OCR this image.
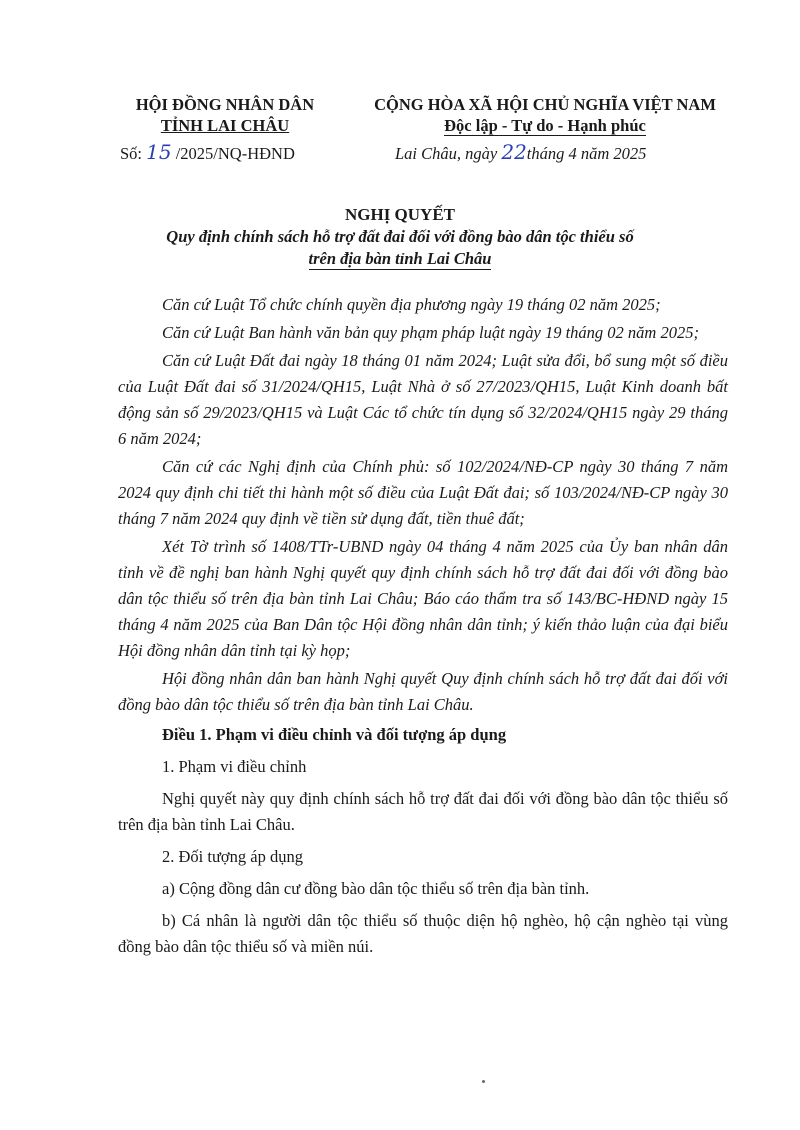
HỘI ĐỒNG NHÂN DÂN
TỈNH LAI CHÂU
CỘNG HÒA XÃ HỘI CHỦ NGHĨA VIỆT NAM
Độc lập - Tự do - Hạnh phúc
Số: 15 /2025/NQ-HĐND	Lai Châu, ngày 22tháng 4 năm 2025
NGHỊ QUYẾT
Quy định chính sách hỗ trợ đất đai đối với đồng bào dân tộc thiểu số
trên địa bàn tỉnh Lai Châu

Căn cứ Luật Tổ chức chính quyền địa phương ngày 19 tháng 02 năm 2025;

Căn cứ Luật Ban hành văn bản quy phạm pháp luật ngày 19 tháng 02 năm 2025;

Căn cứ Luật Đất đai ngày 18 tháng 01 năm 2024; Luật sửa đổi, bổ sung một số điều của Luật Đất đai số 31/2024/QH15, Luật Nhà ở số 27/2023/QH15, Luật Kinh doanh bất động sản số 29/2023/QH15 và Luật Các tổ chức tín dụng số 32/2024/QH15 ngày 29 tháng 6 năm 2024;

Căn cứ các Nghị định của Chính phủ: số 102/2024/NĐ-CP ngày 30 tháng 7 năm 2024 quy định chi tiết thi hành một số điều của Luật Đất đai; số 103/2024/NĐ-CP ngày 30 tháng 7 năm 2024 quy định về tiền sử dụng đất, tiền thuê đất;

Xét Tờ trình số 1408/TTr-UBND ngày 04 tháng 4 năm 2025 của Ủy ban nhân dân tỉnh về đề nghị ban hành Nghị quyết quy định chính sách hỗ trợ đất đai đối với đồng bào dân tộc thiểu số trên địa bàn tỉnh Lai Châu; Báo cáo thẩm tra số 143/BC-HĐND ngày 15 tháng 4 năm 2025 của Ban Dân tộc Hội đồng nhân dân tỉnh; ý kiến thảo luận của đại biểu Hội đồng nhân dân tỉnh tại kỳ họp;

Hội đồng nhân dân ban hành Nghị quyết Quy định chính sách hỗ trợ đất đai đối với đồng bào dân tộc thiểu số trên địa bàn tỉnh Lai Châu.

Điều 1. Phạm vi điều chỉnh và đối tượng áp dụng

1. Phạm vi điều chỉnh

Nghị quyết này quy định chính sách hỗ trợ đất đai đối với đồng bào dân tộc thiểu số trên địa bàn tỉnh Lai Châu.

2. Đối tượng áp dụng

a) Cộng đồng dân cư đồng bào dân tộc thiểu số trên địa bàn tỉnh.

b) Cá nhân là người dân tộc thiểu số thuộc diện hộ nghèo, hộ cận nghèo tại vùng đồng bào dân tộc thiểu số và miền núi.
